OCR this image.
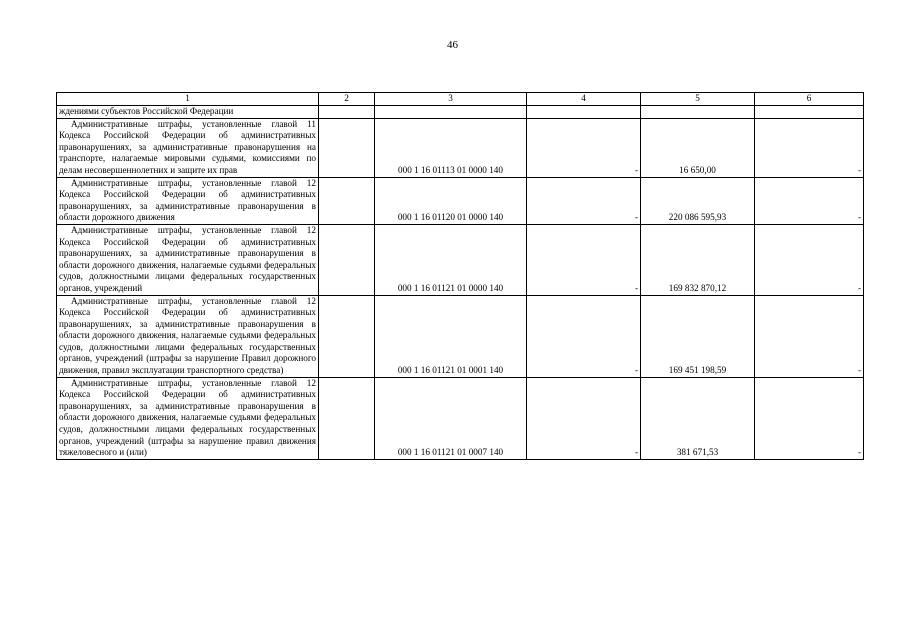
46
1	2	3	4	5	6

ждениями субъектов Российской Федерации					

Административные штрафы, установленные главой 11 Кодекса Российской Федерации об административных правонарушениях, за административные правонарушения на транспорте, налагаемые мировыми судьями, комиссиями по делам несовершеннолетних и защите их прав		000 1 16 01113 01 0000 140	-	16 650,00	-

Административные штрафы, установленные главой 12 Кодекса Российской Федерации об административных правонарушениях, за административные правонарушения в области дорожного движения		000 1 16 01120 01 0000 140	-	220 086 595,93	-

Административные штрафы, установленные главой 12 Кодекса Российской Федерации об административных правонарушениях, за административные правонарушения в области дорожного движения, налагаемые судьями федеральных судов, должностными лицами федеральных государственных органов, учреждений		000 1 16 01121 01 0000 140	-	169 832 870,12	-

Административные штрафы, установленные главой 12 Кодекса Российской Федерации об административных правонарушениях, за административные правонарушения в области дорожного движения, налагаемые судьями федеральных судов, должностными лицами федеральных государственных органов, учреждений (штрафы за нарушение Правил дорожного движения, правил эксплуатации транспортного средства)		000 1 16 01121 01 0001 140	-	169 451 198,59	-

Административные штрафы, установленные главой 12 Кодекса Российской Федерации об административных правонарушениях, за административные правонарушения в области дорожного движения, налагаемые судьями федеральных судов, должностными лицами федеральных государственных органов, учреждений (штрафы за нарушение правил движения тяжеловесного и (или)		000 1 16 01121 01 0007 140	-	381 671,53	-
